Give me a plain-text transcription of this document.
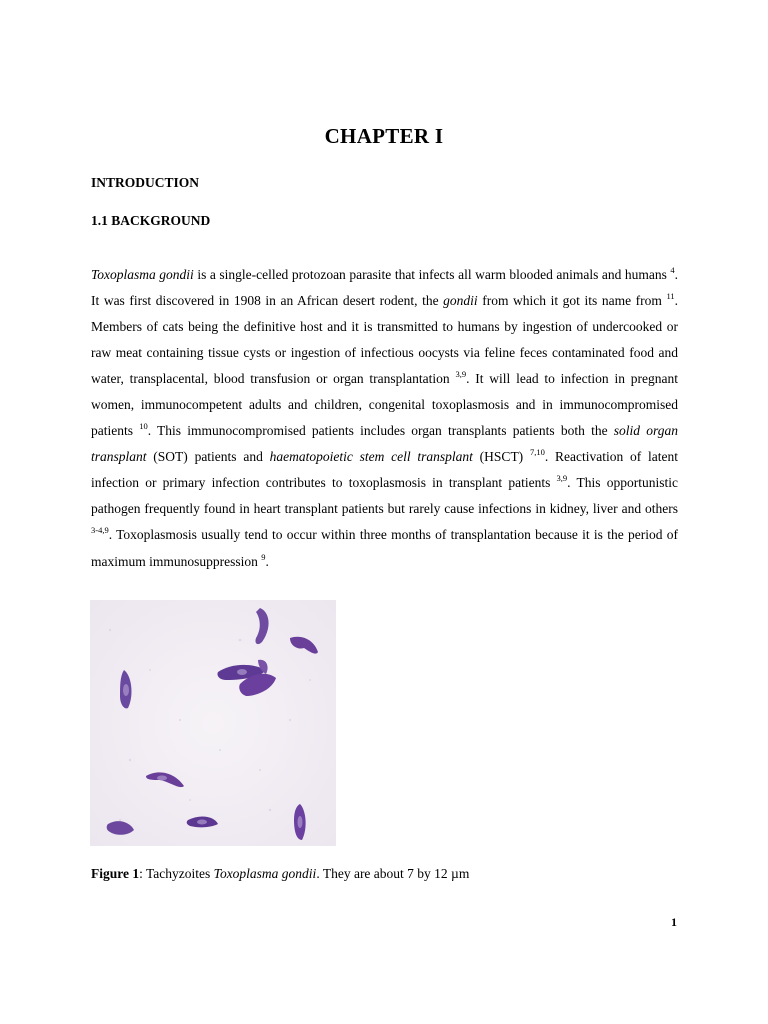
CHAPTER I
INTRODUCTION
1.1 BACKGROUND

Toxoplasma gondii is a single-celled protozoan parasite that infects all warm blooded animals and humans $^4$. It was first discovered in 1908 in an African desert rodent, the gondii from which it got its name from $^{11}$. Members of cats being the definitive host and it is transmitted to humans by ingestion of undercooked or raw meat containing tissue cysts or ingestion of infectious oocysts via feline feces contaminated food and water, transplacental, blood transfusion or organ transplantation $^{3,9}$. It will lead to infection in pregnant women, immunocompetent adults and children, congenital toxoplasmosis and in immunocompromised patients $^{10}$. This immunocompromised patients includes organ transplants patients both the solid organ transplant (SOT) patients and haematopoietic stem cell transplant (HSCT) $^{7,10}$. Reactivation of latent infection or primary infection contributes to toxoplasmosis in transplant patients $^{3,9}$. This opportunistic pathogen frequently found in heart transplant patients but rarely cause infections in kidney, liver and others $^{3-4,9}$. Toxoplasmosis usually tend to occur within three months of transplantation because it is the period of maximum immunosuppression $^9$.

Figure 1: Tachyzoites Toxoplasma gondii. They are about 7 by 12 µm
1
